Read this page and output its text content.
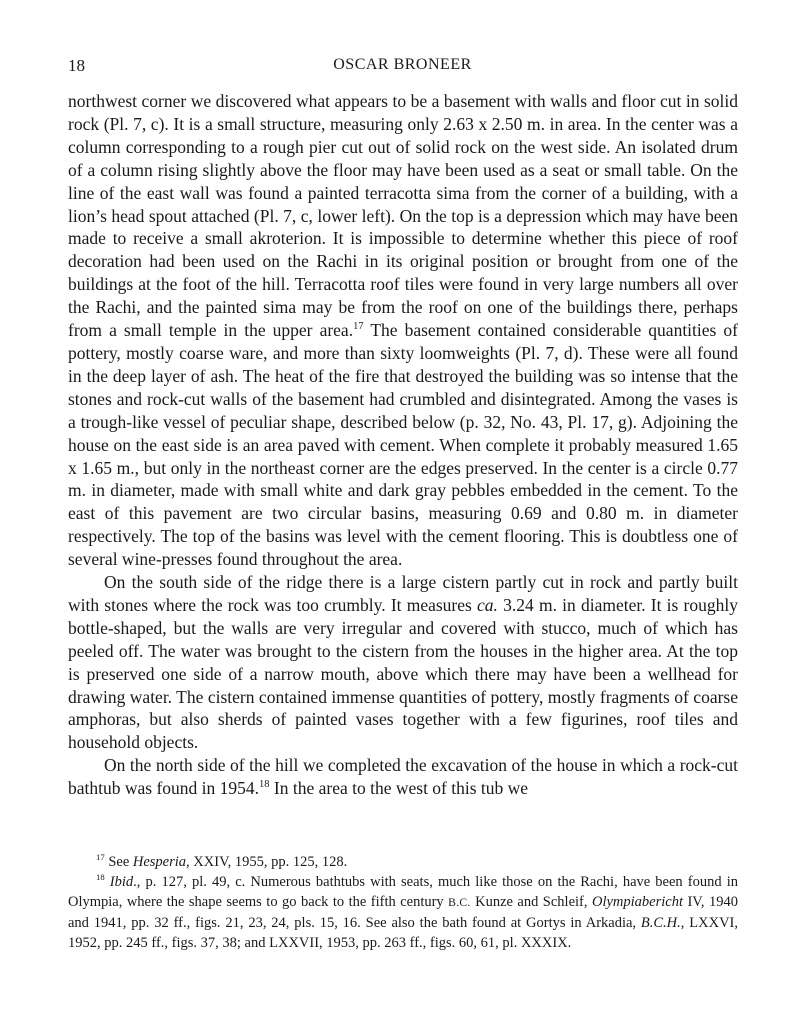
18	OSCAR BRONEER

northwest corner we discovered what appears to be a basement with walls and floor cut in solid rock (Pl. 7, c). It is a small structure, measuring only 2.63 x 2.50 m. in area. In the center was a column corresponding to a rough pier cut out of solid rock on the west side. An isolated drum of a column rising slightly above the floor may have been used as a seat or small table. On the line of the east wall was found a painted terracotta sima from the corner of a building, with a lion’s head spout attached (Pl. 7, c, lower left). On the top is a depression which may have been made to receive a small akroterion. It is impossible to determine whether this piece of roof decoration had been used on the Rachi in its original position or brought from one of the buildings at the foot of the hill. Terracotta roof tiles were found in very large numbers all over the Rachi, and the painted sima may be from the roof on one of the buildings there, perhaps from a small temple in the upper area.$^{17}$ The basement contained considerable quantities of pottery, mostly coarse ware, and more than sixty loomweights (Pl. 7, d). These were all found in the deep layer of ash. The heat of the fire that destroyed the building was so intense that the stones and rock-cut walls of the basement had crumbled and disintegrated. Among the vases is a trough-like vessel of peculiar shape, described below (p. 32, No. 43, Pl. 17, g). Adjoining the house on the east side is an area paved with cement. When complete it probably measured 1.65 x 1.65 m., but only in the northeast corner are the edges preserved. In the center is a circle 0.77 m. in diameter, made with small white and dark gray pebbles embedded in the cement. To the east of this pavement are two circular basins, measuring 0.69 and 0.80 m. in diameter respectively. The top of the basins was level with the cement flooring. This is doubtless one of several wine-presses found throughout the area.

On the south side of the ridge there is a large cistern partly cut in rock and partly built with stones where the rock was too crumbly. It measures ca. 3.24 m. in diameter. It is roughly bottle-shaped, but the walls are very irregular and covered with stucco, much of which has peeled off. The water was brought to the cistern from the houses in the higher area. At the top is preserved one side of a narrow mouth, above which there may have been a wellhead for drawing water. The cistern contained immense quantities of pottery, mostly fragments of coarse amphoras, but also sherds of painted vases together with a few figurines, roof tiles and household objects.

On the north side of the hill we completed the excavation of the house in which a rock-cut bathtub was found in 1954.18 In the area to the west of this tub we

$^{17}$ See Hesperia, XXIV, 1955, pp. 125, 128.

$^{18}$ Ibid., p. 127, pl. 49, c. Numerous bathtubs with seats, much like those on the Rachi, have been found in Olympia, where the shape seems to go back to the fifth century B.C. Kunze and Schleif, Olympiabericht IV, 1940 and 1941, pp. 32 ff., figs. 21, 23, 24, pls. 15, 16. See also the bath found at Gortys in Arkadia, B.C.H., LXXVI, 1952, pp. 245 ff., figs. 37, 38; and LXXVII, 1953, pp. 263 ff., figs. 60, 61, pl. XXXIX.
